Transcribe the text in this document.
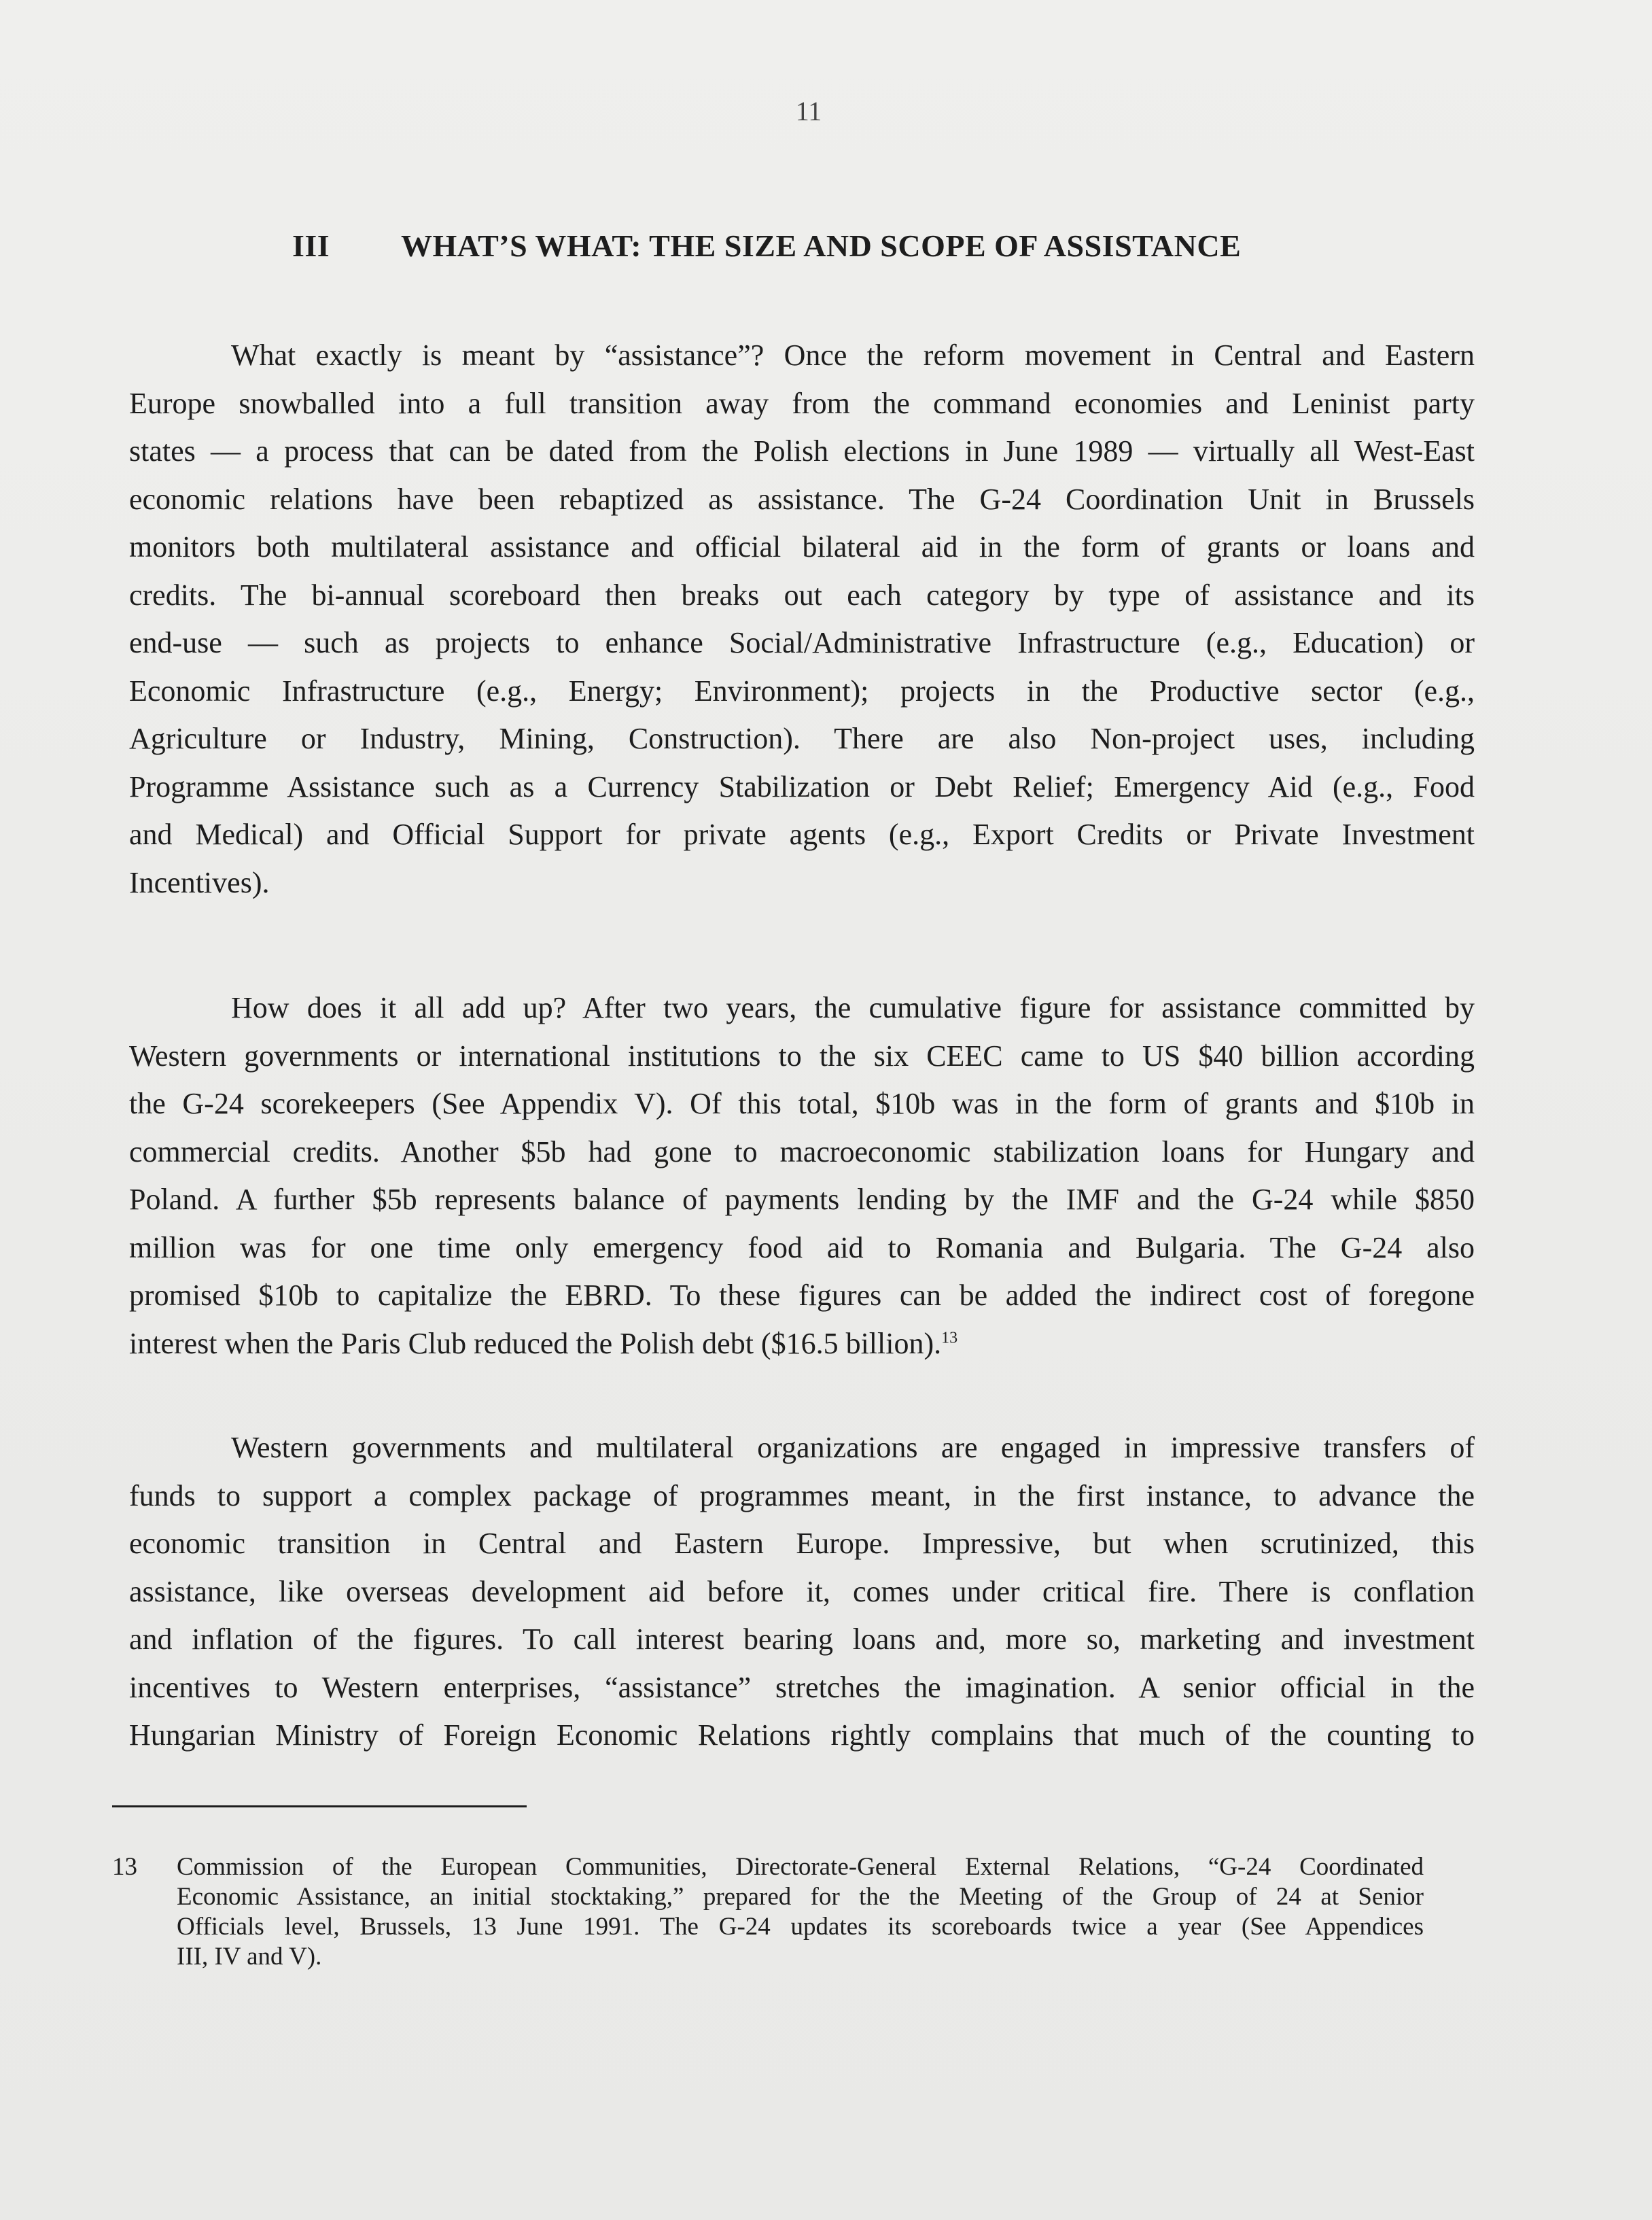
11
III WHAT’S WHAT: THE SIZE AND SCOPE OF ASSISTANCE
What exactly is meant by “assistance”? Once the reform movement in Central and Eastern
Europe snowballed into a full transition away from the command economies and Leninist party
states — a process that can be dated from the Polish elections in June 1989 — virtually all West-East
economic relations have been rebaptized as assistance. The G-24 Coordination Unit in Brussels
monitors both multilateral assistance and official bilateral aid in the form of grants or loans and
credits. The bi-annual scoreboard then breaks out each category by type of assistance and its
end-use — such as projects to enhance Social/Administrative Infrastructure (e.g., Education) or
Economic Infrastructure (e.g., Energy; Environment); projects in the Productive sector (e.g.,
Agriculture or Industry, Mining, Construction). There are also Non-project uses, including
Programme Assistance such as a Currency Stabilization or Debt Relief; Emergency Aid (e.g., Food
and Medical) and Official Support for private agents (e.g., Export Credits or Private Investment
Incentives).
How does it all add up? After two years, the cumulative figure for assistance committed by
Western governments or international institutions to the six CEEC came to US $40 billion according
the G-24 scorekeepers (See Appendix V). Of this total, $10b was in the form of grants and $10b in
commercial credits. Another $5b had gone to macroeconomic stabilization loans for Hungary and
Poland. A further $5b represents balance of payments lending by the IMF and the G-24 while $850
million was for one time only emergency food aid to Romania and Bulgaria. The G-24 also
promised $10b to capitalize the EBRD. To these figures can be added the indirect cost of foregone
interest when the Paris Club reduced the Polish debt ($16.5 billion).$^{13}$
Western governments and multilateral organizations are engaged in impressive transfers of
funds to support a complex package of programmes meant, in the first instance, to advance the
economic transition in Central and Eastern Europe. Impressive, but when scrutinized, this
assistance, like overseas development aid before it, comes under critical fire. There is conflation
and inflation of the figures. To call interest bearing loans and, more so, marketing and investment
incentives to Western enterprises, “assistance” stretches the imagination. A senior official in the
Hungarian Ministry of Foreign Economic Relations rightly complains that much of the counting to
13 Commission of the European Communities, Directorate-General External Relations, “G-24 Coordinated
Economic Assistance, an initial stocktaking,” prepared for the the Meeting of the Group of 24 at Senior
Officials level, Brussels, 13 June 1991. The G-24 updates its scoreboards twice a year (See Appendices
III, IV and V).
